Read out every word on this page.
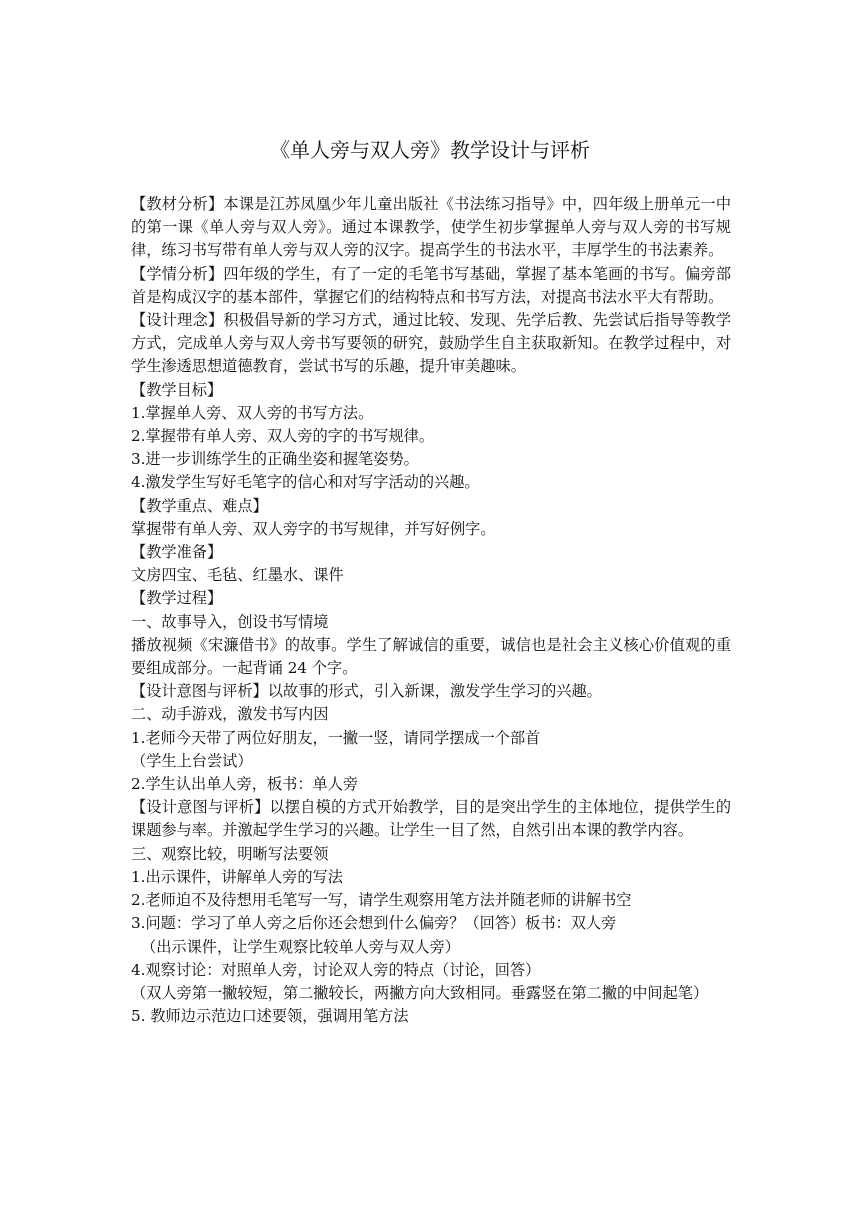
《单人旁与双人旁》教学设计与评析

【教材分析】本课是江苏凤凰少年儿童出版社《书法练习指导》中，四年级上册单元一中的第一课《单人旁与双人旁》。通过本课教学，使学生初步掌握单人旁与双人旁的书写规律，练习书写带有单人旁与双人旁的汉字。提高学生的书法水平，丰厚学生的书法素养。

【学情分析】四年级的学生，有了一定的毛笔书写基础，掌握了基本笔画的书写。偏旁部首是构成汉字的基本部件，掌握它们的结构特点和书写方法，对提高书法水平大有帮助。

【设计理念】积极倡导新的学习方式，通过比较、发现、先学后教、先尝试后指导等教学方式，完成单人旁与双人旁书写要领的研究，鼓励学生自主获取新知。在教学过程中，对学生渗透思想道德教育，尝试书写的乐趣，提升审美趣味。

【教学目标】

1.掌握单人旁、双人旁的书写方法。

2.掌握带有单人旁、双人旁的字的书写规律。

3.进一步训练学生的正确坐姿和握笔姿势。

4.激发学生写好毛笔字的信心和对写字活动的兴趣。

【教学重点、难点】

掌握带有单人旁、双人旁字的书写规律，并写好例字。

【教学准备】

文房四宝、毛毡、红墨水、课件

【教学过程】

一、故事导入，创设书写情境

播放视频《宋濂借书》的故事。学生了解诚信的重要，诚信也是社会主义核心价值观的重要组成部分。一起背诵 24 个字。

【设计意图与评析】以故事的形式，引入新课，激发学生学习的兴趣。

二、动手游戏，激发书写内因

1.老师今天带了两位好朋友，一撇一竖，请同学摆成一个部首

（学生上台尝试）

2.学生认出单人旁，板书：单人旁

【设计意图与评析】以摆自模的方式开始教学，目的是突出学生的主体地位，提供学生的课题参与率。并激起学生学习的兴趣。让学生一目了然，自然引出本课的教学内容。

三、观察比较，明晰写法要领

1.出示课件，讲解单人旁的写法

2.老师迫不及待想用毛笔写一写，请学生观察用笔方法并随老师的讲解书空

3.问题：学习了单人旁之后你还会想到什么偏旁？（回答）板书：双人旁

（出示课件，让学生观察比较单人旁与双人旁）

4.观察讨论：对照单人旁，讨论双人旁的特点（讨论，回答）

（双人旁第一撇较短，第二撇较长，两撇方向大致相同。垂露竖在第二撇的中间起笔）

5. 教师边示范边口述要领，强调用笔方法
